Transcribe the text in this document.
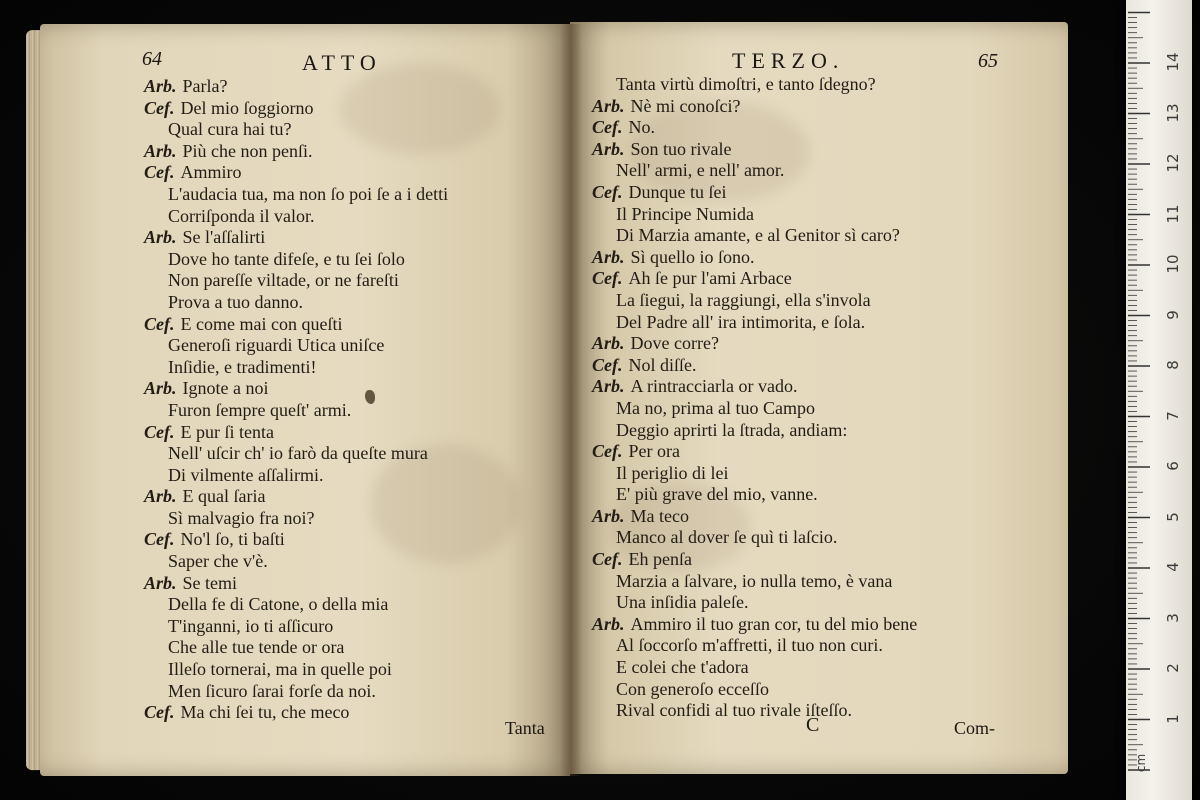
64	ATTO
Arb. Parla?
Cef. Del mio ſoggiorno
Qual cura hai tu?
Arb. Più che non penſi.
Cef. Ammiro
L'audacia tua, ma non ſo poi ſe a i detti
Corriſponda il valor.
Arb. Se l'aſſalirti
Dove ho tante difeſe, e tu ſei ſolo
Non pareſſe viltade, or ne fareſti
Prova a tuo danno.
Cef. E come mai con queſti
Generoſi riguardi Utica uniſce
Inſidie, e tradimenti!
Arb. Ignote a noi
Furon ſempre queſt' armi.
Cef. E pur ſi tenta
Nell' uſcir ch' io farò da queſte mura
Di vilmente aſſalirmi.
Arb. E qual ſaria
Sì malvagio fra noi?
Cef. No'l ſo, ti baſti
Saper che v'è.
Arb. Se temi
Della fe di Catone, o della mia
T'inganni, io ti aſſicuro
Che alle tue tende or ora
Illeſo tornerai, ma in quelle poi
Men ſicuro ſarai forſe da noi.
Cef. Ma chi ſei tu, che meco
Tanta
TERZO.	65
Tanta virtù dimoſtri, e tanto ſdegno?
Arb. Nè mi conoſci?
Cef. No.
Arb. Son tuo rivale
Nell' armi, e nell' amor.
Cef. Dunque tu ſei
Il Principe Numida
Di Marzia amante, e al Genitor sì caro?
Arb. Sì quello io ſono.
Cef. Ah ſe pur l'ami Arbace
La ſiegui, la raggiungi, ella s'invola
Del Padre all' ira intimorita, e ſola.
Arb. Dove corre?
Cef. Nol diſſe.
Arb. A rintracciarla or vado.
Ma no, prima al tuo Campo
Deggio aprirti la ſtrada, andiam:
Cef. Per ora
Il periglio di lei
E' più grave del mio, vanne.
Arb. Ma teco
Manco al dover ſe quì ti laſcio.
Cef. Eh penſa
Marzia a ſalvare, io nulla temo, è vana
Una inſidia paleſe.
Arb. Ammiro il tuo gran cor, tu del mio bene
Al ſoccorſo m'affretti, il tuo non curi.
E colei che t'adora
Con generoſo ecceſſo
Rival confidi al tuo rivale iſteſſo.
C	Com-	1
2
3
4
5
6
7
8
9
10
11
12
13
14
cm
